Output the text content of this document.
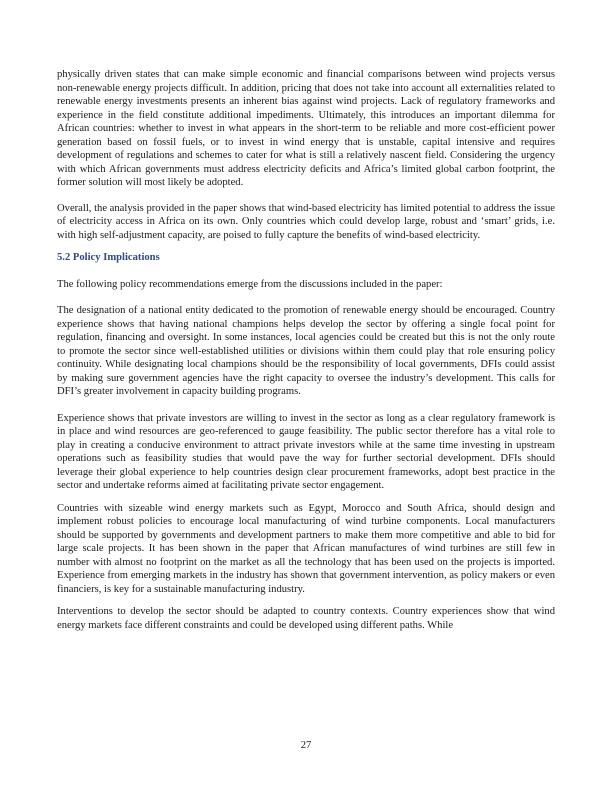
physically driven states that can make simple economic and financial comparisons between wind projects versus non-renewable energy projects difficult. In addition, pricing that does not take into account all externalities related to renewable energy investments presents an inherent bias against wind projects. Lack of regulatory frameworks and experience in the field constitute additional impediments. Ultimately, this introduces an important dilemma for African countries: whether to invest in what appears in the short-term to be reliable and more cost-efficient power generation based on fossil fuels, or to invest in wind energy that is unstable, capital intensive and requires development of regulations and schemes to cater for what is still a relatively nascent field. Considering the urgency with which African governments must address electricity deficits and Africa’s limited global carbon footprint, the former solution will most likely be adopted.

Overall, the analysis provided in the paper shows that wind-based electricity has limited potential to address the issue of electricity access in Africa on its own. Only countries which could develop large, robust and ‘smart’ grids, i.e. with high self-adjustment capacity, are poised to fully capture the benefits of wind-based electricity.

5.2 Policy Implications

The following policy recommendations emerge from the discussions included in the paper:

The designation of a national entity dedicated to the promotion of renewable energy should be encouraged. Country experience shows that having national champions helps develop the sector by offering a single focal point for regulation, financing and oversight. In some instances, local agencies could be created but this is not the only route to promote the sector since well-established utilities or divisions within them could play that role ensuring policy continuity. While designating local champions should be the responsibility of local governments, DFIs could assist by making sure government agencies have the right capacity to oversee the industry’s development. This calls for DFI’s greater involvement in capacity building programs.

Experience shows that private investors are willing to invest in the sector as long as a clear regulatory framework is in place and wind resources are geo-referenced to gauge feasibility. The public sector therefore has a vital role to play in creating a conducive environment to attract private investors while at the same time investing in upstream operations such as feasibility studies that would pave the way for further sectorial development. DFIs should leverage their global experience to help countries design clear procurement frameworks, adopt best practice in the sector and undertake reforms aimed at facilitating private sector engagement.

Countries with sizeable wind energy markets such as Egypt, Morocco and South Africa, should design and implement robust policies to encourage local manufacturing of wind turbine components. Local manufacturers should be supported by governments and development partners to make them more competitive and able to bid for large scale projects. It has been shown in the paper that African manufactures of wind turbines are still few in number with almost no footprint on the market as all the technology that has been used on the projects is imported. Experience from emerging markets in the industry has shown that government intervention, as policy makers or even financiers, is key for a sustainable manufacturing industry.

Interventions to develop the sector should be adapted to country contexts. Country experiences show that wind energy markets face different constraints and could be developed using different paths. While

27
